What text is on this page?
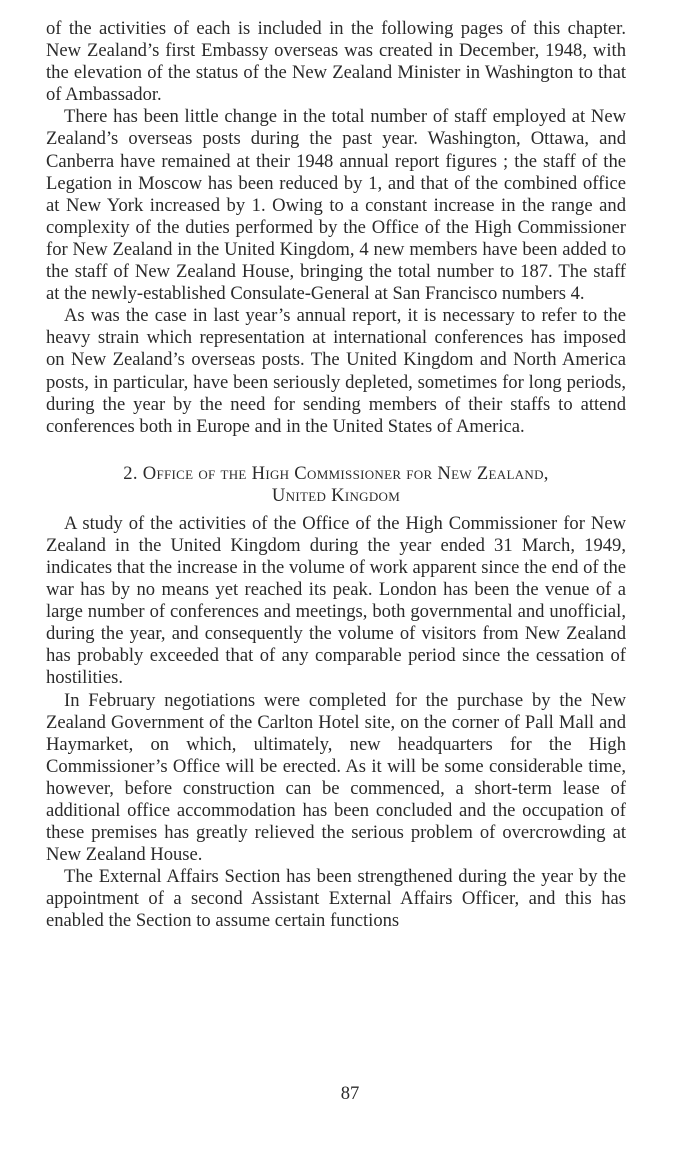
of the activities of each is included in the following pages of this chapter. New Zealand’s first Embassy overseas was created in December, 1948, with the elevation of the status of the New Zealand Minister in Washington to that of Ambassador.

There has been little change in the total number of staff employed at New Zealand’s overseas posts during the past year. Washington, Ottawa, and Canberra have remained at their 1948 annual report figures ; the staff of the Legation in Moscow has been reduced by 1, and that of the combined office at New York increased by 1. Owing to a constant increase in the range and complexity of the duties performed by the Office of the High Commissioner for New Zealand in the United Kingdom, 4 new members have been added to the staff of New Zealand House, bringing the total number to 187. The staff at the newly-established Consulate-General at San Francisco numbers 4.

As was the case in last year’s annual report, it is necessary to refer to the heavy strain which representation at international conferences has imposed on New Zealand’s overseas posts. The United Kingdom and North America posts, in particular, have been seriously depleted, sometimes for long periods, during the year by the need for sending members of their staffs to attend conferences both in Europe and in the United States of America.

2. Office of the High Commissioner for New Zealand,
United Kingdom

A study of the activities of the Office of the High Commissioner for New Zealand in the United Kingdom during the year ended 31 March, 1949, indicates that the increase in the volume of work apparent since the end of the war has by no means yet reached its peak. London has been the venue of a large number of conferences and meetings, both governmental and unofficial, during the year, and consequently the volume of visitors from New Zealand has probably exceeded that of any comparable period since the cessation of hostilities.

In February negotiations were completed for the purchase by the New Zealand Government of the Carlton Hotel site, on the corner of Pall Mall and Haymarket, on which, ultimately, new headquarters for the High Commissioner’s Office will be erected. As it will be some considerable time, however, before construction can be commenced, a short-term lease of additional office accommodation has been concluded and the occupation of these premises has greatly relieved the serious problem of overcrowding at New Zealand House.

The External Affairs Section has been strengthened during the year by the appointment of a second Assistant External Affairs Officer, and this has enabled the Section to assume certain functions

87
